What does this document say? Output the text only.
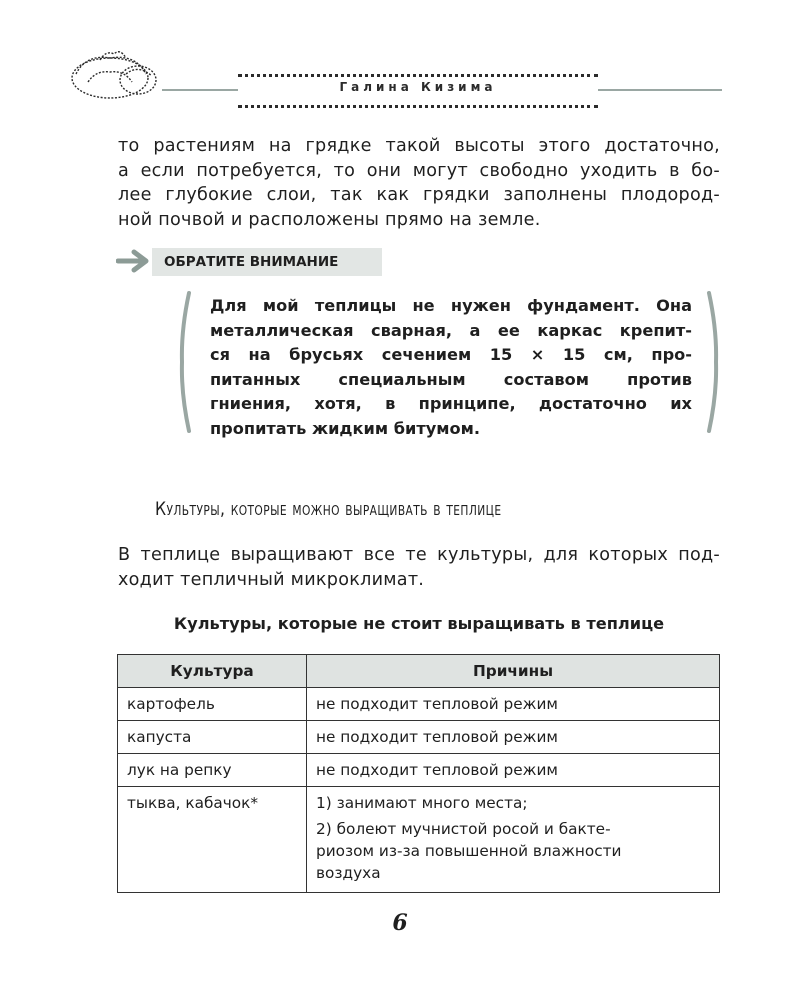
Галина Кизима

то растениям на грядке такой высоты этого достаточно,
а если потребуется, то они могут свободно уходить в бо-
лее глубокие слои, так как грядки заполнены плодород-
ной почвой и расположены прямо на земле.

ОБРАТИТЕ ВНИМАНИЕ
Для мой теплицы не нужен фундамент. Она
металлическая сварная, а ее каркас крепит-
ся на брусьях сечением 15 × 15 см, про-
питанных специальным составом против
гниения, хотя, в принципе, достаточно их
пропитать жидким битумом.
Культуры, которые можно выращивать в теплице

В теплице выращивают все те культуры, для которых под-
ходит тепличный микроклимат.

Культуры, которые не стоит выращивать в теплице
Культура	Причины
картофель	не подходит тепловой режим

капуста	не подходит тепловой режим

лук на репку	не подходит тепловой режим

тыква, кабачок*	1) занимают много места;
2) болеют мучнистой росой и бакте-
риозом из-за повышенной влажности
воздуха
6
